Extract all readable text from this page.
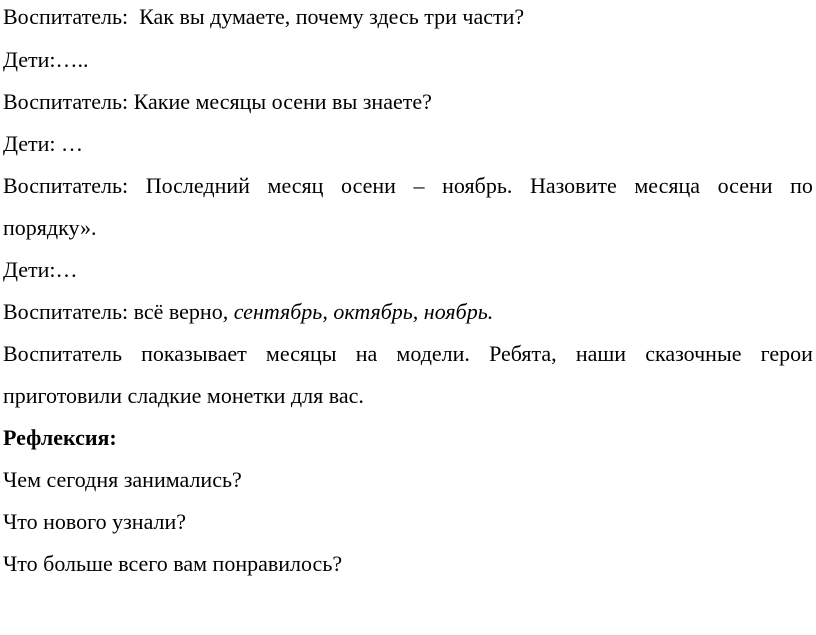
Воспитатель:  Как вы думаете, почему здесь три части?
Дети:…..
Воспитатель: Какие месяцы осени вы знаете?
Дети: …
Воспитатель: Последний месяц осени – ноябрь. Назовите месяца осени по
порядку».
Дети:…
Воспитатель: всё верно, сентябрь, октябрь, ноябрь.
Воспитатель показывает месяцы на модели. Ребята, наши сказочные герои
приготовили сладкие монетки для вас.
Рефлексия:
Чем сегодня занимались?
Что нового узнали?
Что больше всего вам понравилось?
